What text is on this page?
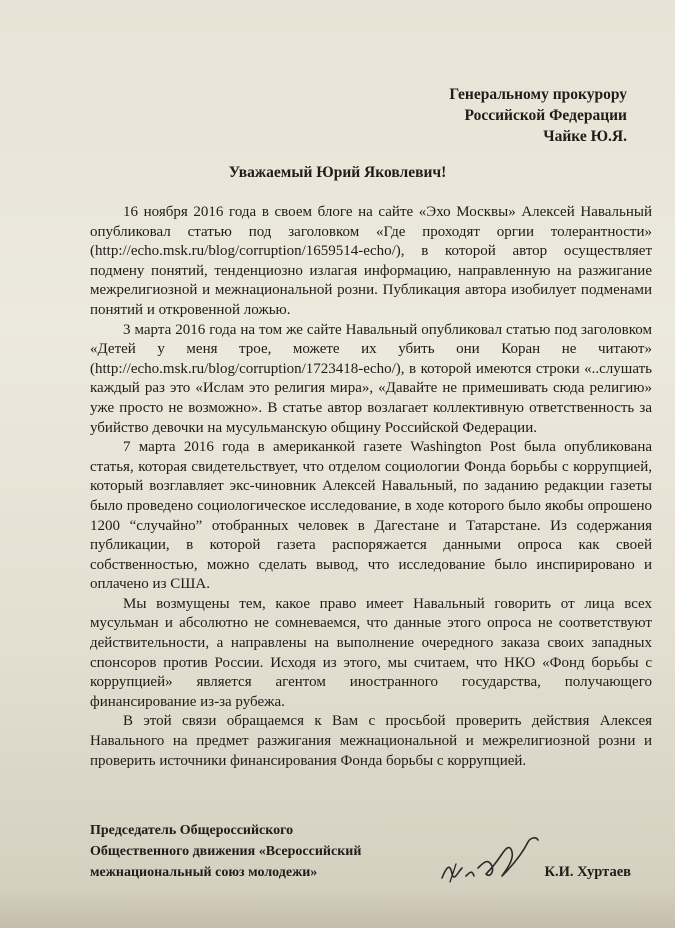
Генеральному прокурору
Российской Федерации
Чайке Ю.Я.
Уважаемый Юрий Яковлевич!

16 ноября 2016 года в своем блоге на сайте «Эхо Москвы» Алексей Навальный опубликовал статью под заголовком «Где проходят оргии толерантности» (http://echo.msk.ru/blog/corruption/1659514-echo/), в которой автор осуществляет подмену понятий, тенденциозно излагая информацию, направленную на разжигание межрелигиозной и межнациональной розни. Публикация автора изобилует подменами понятий и откровенной ложью.

3 марта 2016 года на том же сайте Навальный опубликовал статью под заголовком «Детей у меня трое, можете их убить они Коран не читают» (http://echo.msk.ru/blog/corruption/1723418-echo/), в которой имеются строки «..слушать каждый раз это «Ислам это религия мира», «Давайте не примешивать сюда религию» уже просто не возможно». В статье автор возлагает коллективную ответственность за убийство девочки на мусульманскую общину Российской Федерации.

7 марта 2016 года в американкой газете Washington Post была опубликована статья, которая свидетельствует, что отделом социологии Фонда борьбы с коррупцией, который возглавляет экс-чиновник Алексей Навальный, по заданию редакции газеты было проведено социологическое исследование, в ходе которого было якобы опрошено 1200 “случайно” отобранных человек в Дагестане и Татарстане. Из содержания публикации, в которой газета распоряжается данными опроса как своей собственностью, можно сделать вывод, что исследование было инспирировано и оплачено из США.

Мы возмущены тем, какое право имеет Навальный говорить от лица всех мусульман и абсолютно не сомневаемся, что данные этого опроса не соответствуют действительности, а направлены на выполнение очередного заказа своих западных спонсоров против России. Исходя из этого, мы считаем, что НКО «Фонд борьбы с коррупцией» является агентом иностранного государства, получающего финансирование из-за рубежа.

В этой связи обращаемся к Вам с просьбой проверить действия Алексея Навального на предмет разжигания межнациональной и межрелигиозной розни и проверить источники финансирования Фонда борьбы с коррупцией.

Председатель Общероссийского
Общественного движения «Всероссийский
межнациональный союз молодежи»	К.И. Хуртаев
